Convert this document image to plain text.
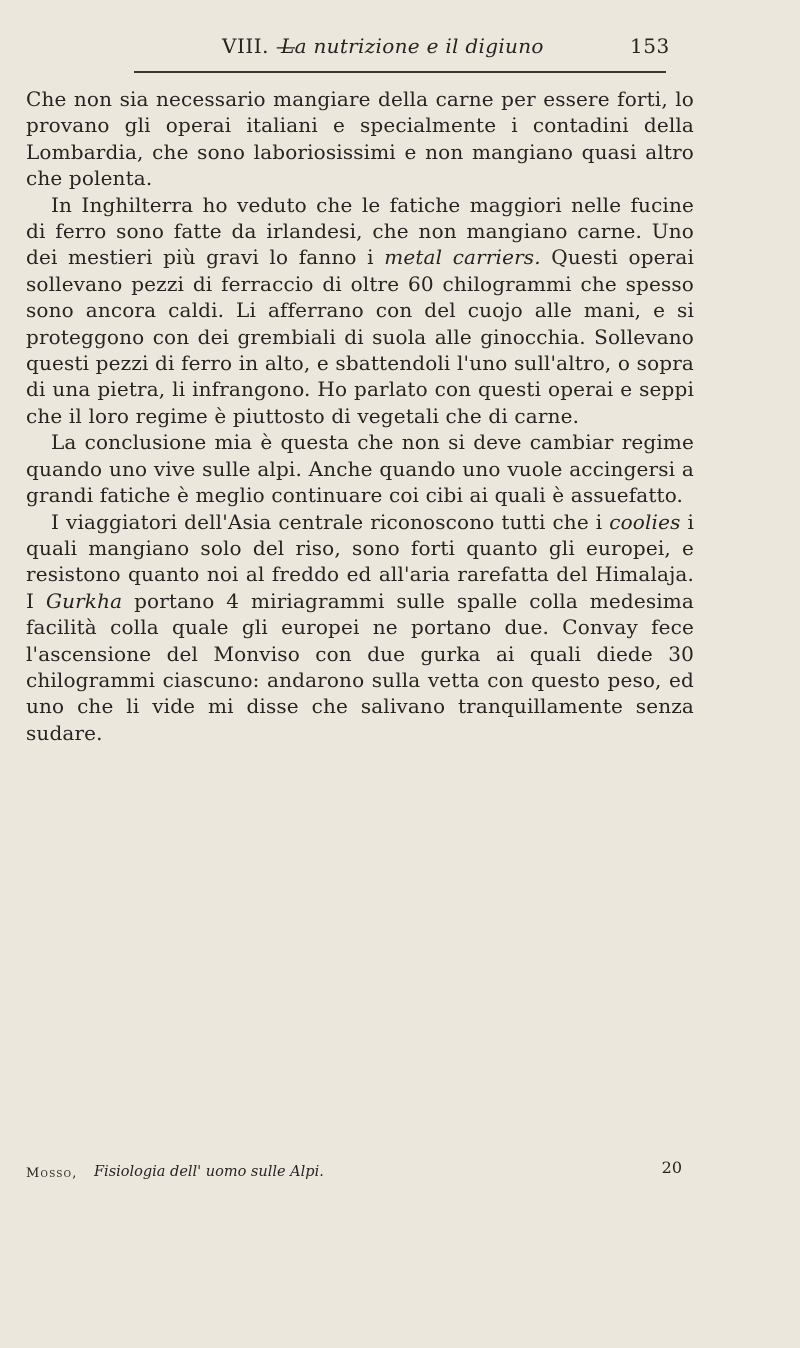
VIII. —
La nutrizione e il digiuno	153

Che non sia necessario mangiare della carne per essere forti, lo provano gli operai italiani e specialmente i contadini della Lombardia, che sono laboriosissimi e non mangiano quasi altro che polenta.

In Inghilterra ho veduto che le fatiche maggiori nelle fucine di ferro sono fatte da irlandesi, che non mangiano carne. Uno dei mestieri più gravi lo fanno i metal carriers. Questi operai sollevano pezzi di ferraccio di oltre 60 chilogrammi che spesso sono ancora caldi. Li afferrano con del cuojo alle mani, e si proteggono con dei grembiali di suola alle ginocchia. Sollevano questi pezzi di ferro in alto, e sbattendoli l'uno sull'altro, o sopra di una pietra, li infrangono. Ho parlato con questi operai e seppi che il loro regime è piuttosto di vegetali che di carne.

La conclusione mia è questa che non si deve cambiar regime quando uno vive sulle alpi. Anche quando uno vuole accingersi a grandi fatiche è meglio continuare coi cibi ai quali è assuefatto.

I viaggiatori dell'Asia centrale riconoscono tutti che i coolies i quali mangiano solo del riso, sono forti quanto gli europei, e resistono quanto noi al freddo ed all'aria rarefatta del Himalaja. I Gurkha portano 4 miriagrammi sulle spalle colla medesima facilità colla quale gli europei ne portano due. Convay fece l'ascensione del Monviso con due gurka ai quali diede 30 chilogrammi ciascuno: andarono sulla vetta con questo peso, ed uno che li vide mi disse che salivano tranquillamente senza sudare.

Mosso, Fisiologia dell' uomo sulle Alpi.	20
